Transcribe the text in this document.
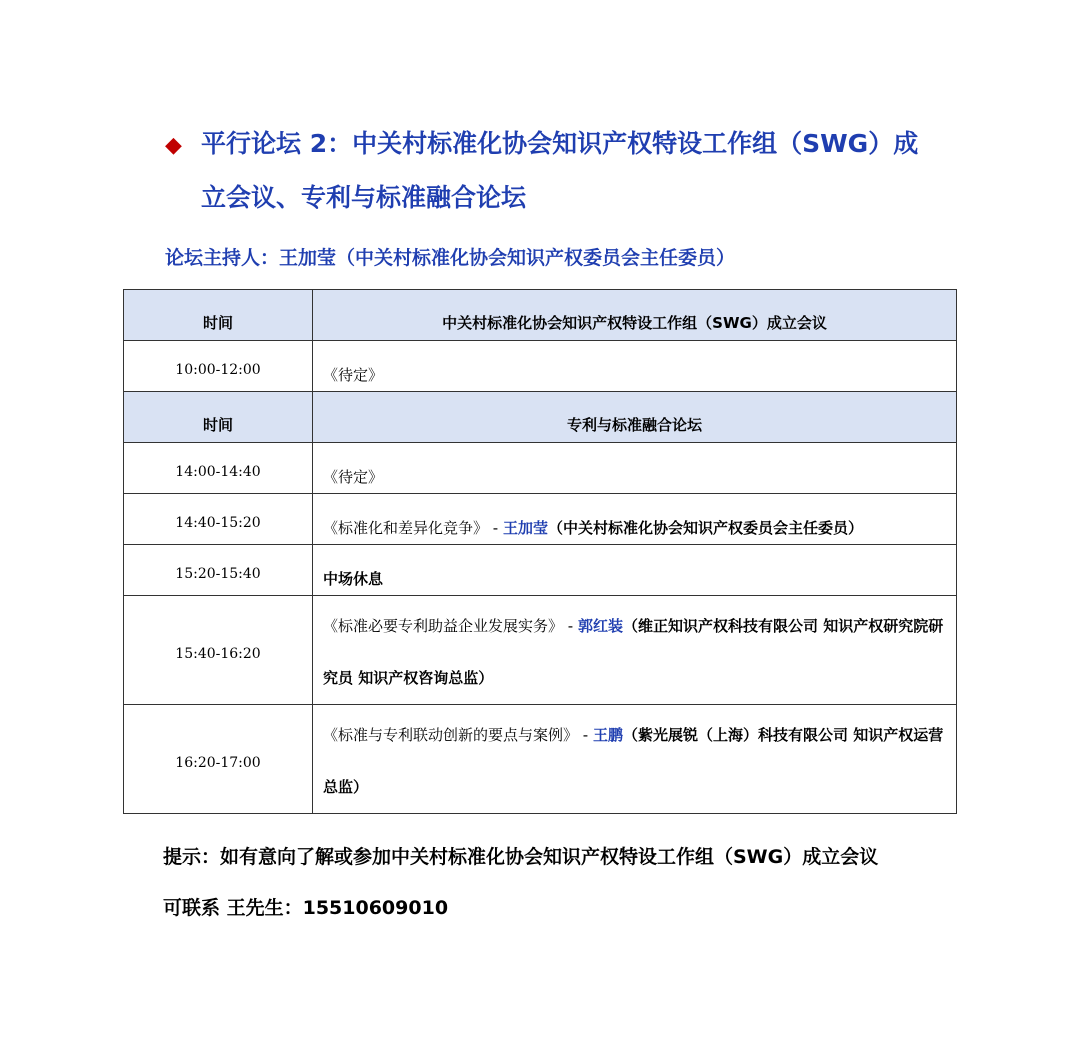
◆ 平行论坛 2：中关村标准化协会知识产权特设工作组（SWG）成
立会议、专利与标准融合论坛
论坛主持人：王加莹（中关村标准化协会知识产权委员会主任委员）
时间	中关村标准化协会知识产权特设工作组（SWG）成立会议
10:00-12:00	《待定》
时间	专利与标准融合论坛
14:00-14:40	《待定》
14:40-15:20	《标准化和差异化竞争》 - 王加莹（中关村标准化协会知识产权委员会主任委员）
15:20-15:40	中场休息
15:40-16:20	《标准必要专利助益企业发展实务》 - 郭红装（维正知识产权科技有限公司 知识产权研究院研究员 知识产权咨询总监）
16:20-17:00	《标准与专利联动创新的要点与案例》 - 王鹏（紫光展锐（上海）科技有限公司 知识产权运营总监）
提示：如有意向了解或参加中关村标准化协会知识产权特设工作组（SWG）成立会议
可联系 王先生：15510609010
